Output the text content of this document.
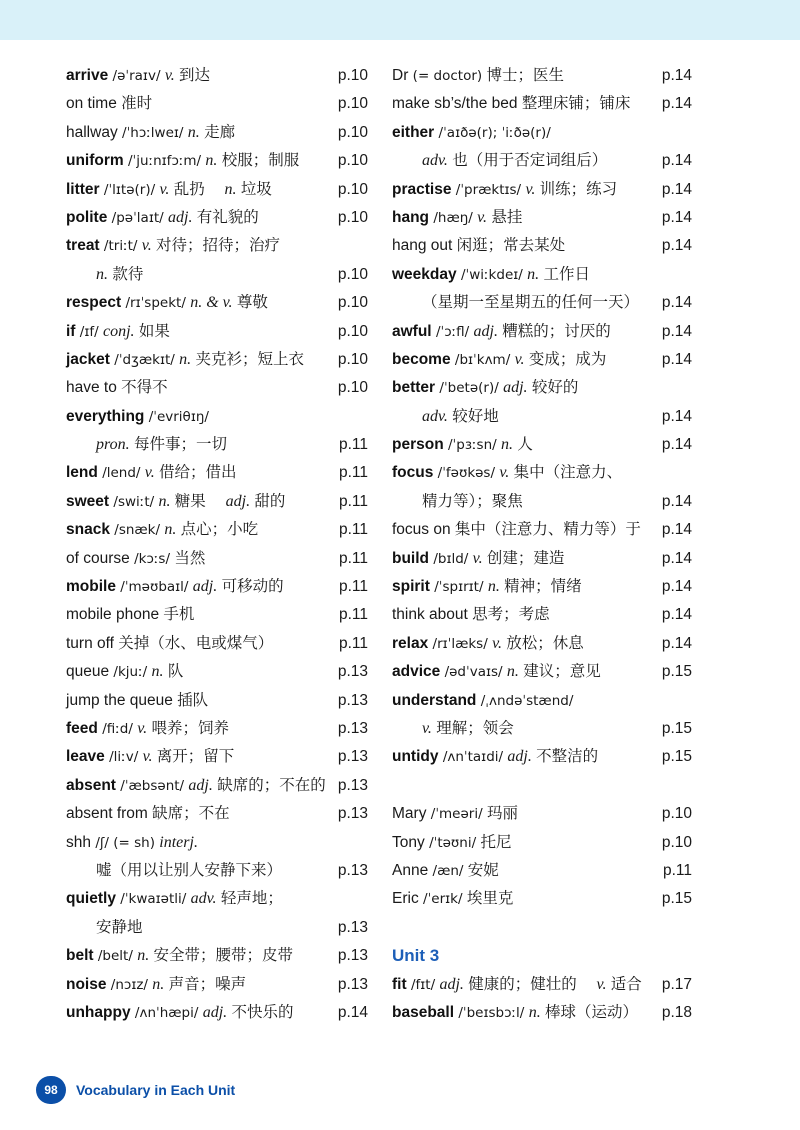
arrive /əˈraɪv/ v. 到达	p.10
on time 准时	p.10
hallway /ˈhɔːlweɪ/ n. 走廊	p.10
uniform /ˈjuːnɪfɔːm/ n. 校服；制服 p.10
litter /ˈlɪtə(r)/ v. 乱扔  n. 垃圾	p.10
polite /pəˈlaɪt/ adj. 有礼貌的	p.10
treat /triːt/ v. 对待；招待；治疗
n. 款待	p.10
respect /rɪˈspekt/ n. & v. 尊敬	p.10
if /ɪf/ conj. 如果	p.10
jacket /ˈdʒækɪt/ n. 夹克衫；短上衣 p.10
have to 不得不	p.10
everything /ˈevriθɪŋ/
pron. 每件事；一切	p.11
lend /lend/ v. 借给；借出	p.11
sweet /swiːt/ n. 糖果  adj. 甜的	p.11
snack /snæk/ n. 点心；小吃	p.11
of course /kɔːs/ 当然	p.11
mobile /ˈməʊbaɪl/ adj. 可移动的	p.11
mobile phone 手机	p.11
turn off 关掉（水、电或煤气）	p.11
queue /kjuː/ n. 队	p.13
jump the queue 插队	p.13
feed /fiːd/ v. 喂养；饲养	p.13
leave /liːv/ v. 离开；留下	p.13
absent /ˈæbsənt/ adj. 缺席的；不在的 p.13
absent from 缺席；不在	p.13
shh /ʃ/ (= sh) interj.
嘘（用以让别人安静下来）	p.13
quietly /ˈkwaɪətli/ adv. 轻声地；
安静地	p.13
belt /belt/ n. 安全带；腰带；皮带	p.13
noise /nɔɪz/ n. 声音；噪声	p.13
unhappy /ʌnˈhæpi/ adj. 不快乐的	p.14
Dr (= doctor) 博士；医生	p.14
make sb’s/the bed 整理床铺；铺床 p.14
either /ˈaɪðə(r); ˈiːðə(r)/
adv. 也（用于否定词组后）	p.14
practise /ˈpræktɪs/ v. 训练；练习	p.14
hang /hæŋ/ v. 悬挂	p.14
hang out 闲逛；常去某处	p.14
weekday /ˈwiːkdeɪ/ n. 工作日
（星期一至星期五的任何一天） p.14
awful /ˈɔːfl/ adj. 糟糕的；讨厌的	p.14
become /bɪˈkʌm/ v. 变成；成为	p.14
better /ˈbetə(r)/ adj. 较好的
adv. 较好地	p.14
person /ˈpɜːsn/ n. 人	p.14
focus /ˈfəʊkəs/ v. 集中（注意力、
精力等）；聚焦	p.14
focus on 集中（注意力、精力等）于 p.14
build /bɪld/ v. 创建；建造	p.14
spirit /ˈspɪrɪt/ n. 精神；情绪	p.14
think about 思考；考虑	p.14
relax /rɪˈlæks/ v. 放松；休息	p.14
advice /ədˈvaɪs/ n. 建议；意见	p.15
understand /ˌʌndəˈstænd/
v. 理解；领会	p.15
untidy /ʌnˈtaɪdi/ adj. 不整洁的	p.15
Mary /ˈmeəri/ 玛丽	p.10
Tony /ˈtəʊni/ 托尼	p.10
Anne /æn/ 安妮	p.11
Eric /ˈerɪk/ 埃里克	p.15
Unit 3
fit /fɪt/ adj. 健康的；健壮的  v. 适合 p.17
baseball /ˈbeɪsbɔːl/ n. 棒球（运动） p.18
98	Vocabulary in Each Unit
